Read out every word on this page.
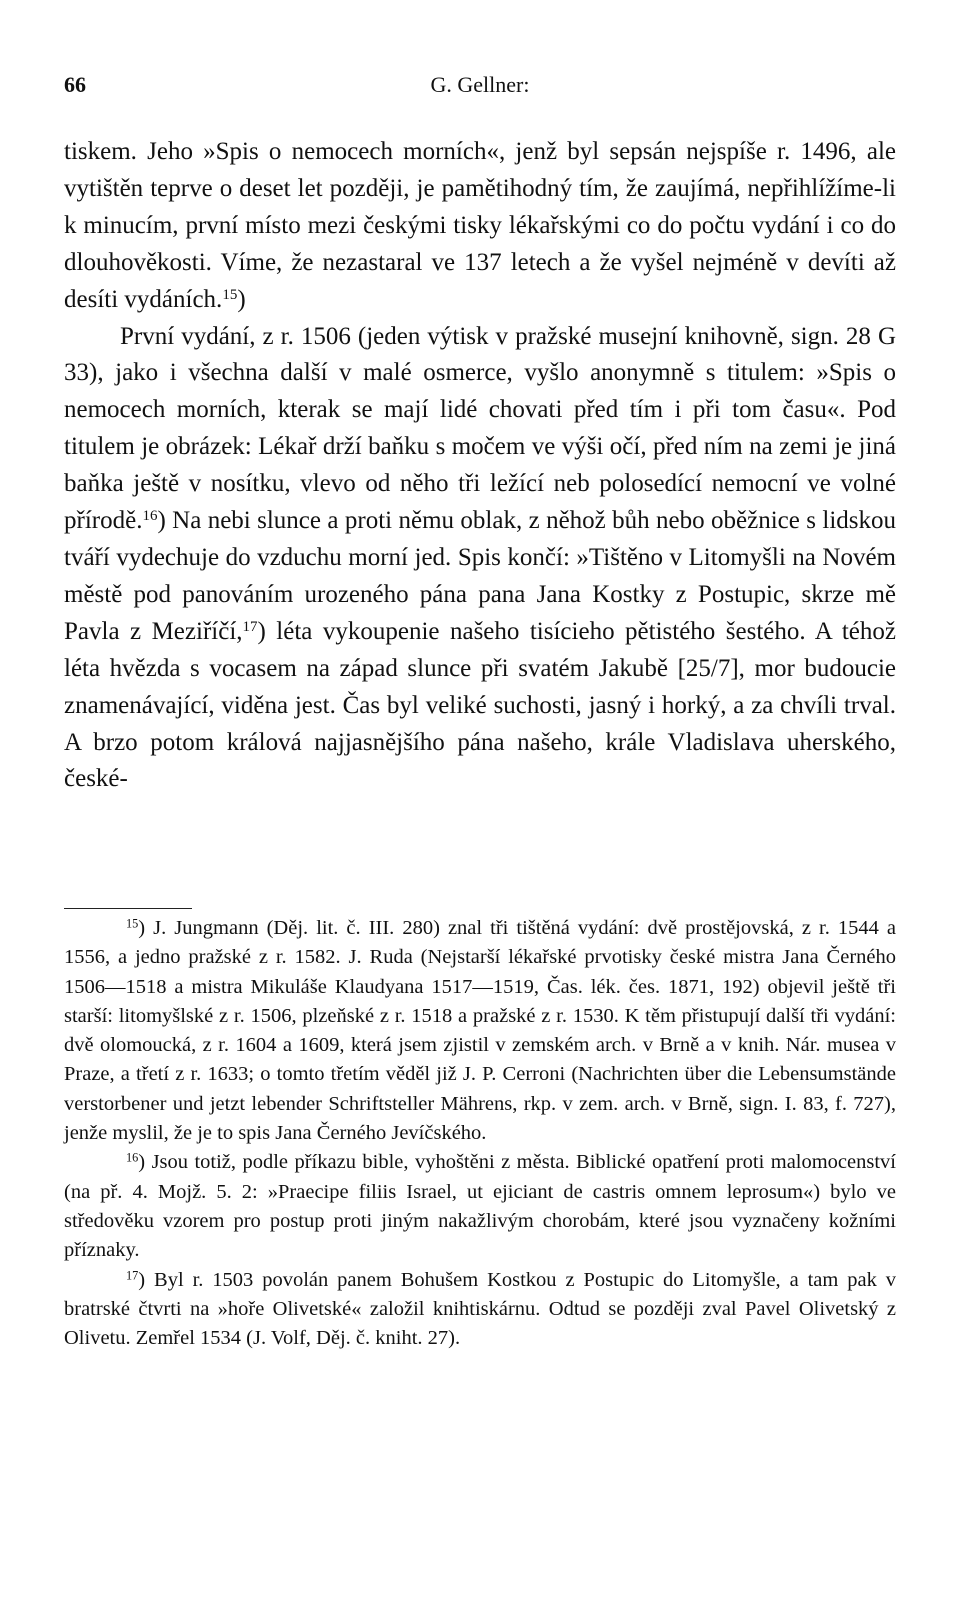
66	G. Gellner:

tiskem. Jeho »Spis o nemocech morních«, jenž byl sepsán nejspíše r. 1496, ale vytištěn teprve o deset let později, je pamětihodný tím, že zaujímá, nepřihlížíme-li k minucím, první místo mezi českými tisky lékařskými co do počtu vydání i co do dlouhověkosti. Víme, že nezastaral ve 137 letech a že vyšel nejméně v devíti až desíti vydáních.$^{15}$)

První vydání, z r. 1506 (jeden výtisk v pražské musejní knihovně, sign. 28 G 33), jako i všechna další v malé osmerce, vyšlo anonymně s titulem: »Spis o nemocech morních, kterak se mají lidé chovati před tím i při tom času«. Pod titulem je obrázek: Lékař drží baňku s močem ve výši očí, před ním na zemi je jiná baňka ještě v nosítku, vlevo od něho tři ležící neb polosedící nemocní ve volné přírodě.$^{16}$) Na nebi slunce a proti němu oblak, z něhož bůh nebo oběžnice s lidskou tváří vydechuje do vzduchu morní jed. Spis končí: »Tištěno v Litomyšli na Novém městě pod panováním urozeného pána pana Jana Kostky z Postupic, skrze mě Pavla z Meziříčí,$^{17}$) léta vykoupenie našeho tisícieho pětistého šestého. A téhož léta hvězda s vocasem na západ slunce při svatém Jakubě [25/7], mor budoucie znamenávající, viděna jest. Čas byl veliké suchosti, jasný i horký, a za chvíli trval. A brzo potom králová najjasnějšího pána našeho, krále Vladislava uherského, české-

$^{15}$) J. Jungmann (Děj. lit. č. III. 280) znal tři tištěná vydání: dvě prostějovská, z r. 1544 a 1556, a jedno pražské z r. 1582. J. Ruda (Nejstarší lékařské prvotisky české mistra Jana Černého 1506—1518 a mistra Mikuláše Klaudyana 1517—1519, Čas. lék. čes. 1871, 192) objevil ještě tři starší: litomyšlské z r. 1506, plzeňské z r. 1518 a pražské z r. 1530. K těm přistupují další tři vydání: dvě olomoucká, z r. 1604 a 1609, která jsem zjistil v zemském arch. v Brně a v knih. Nár. musea v Praze, a třetí z r. 1633; o tomto třetím věděl již J. P. Cerroni (Nachrichten über die Lebensumstände verstorbener und jetzt lebender Schriftsteller Mährens, rkp. v zem. arch. v Brně, sign. I. 83, f. 727), jenže myslil, že je to spis Jana Černého Jevíčského.

$^{16}$) Jsou totiž, podle příkazu bible, vyhoštěni z města. Biblické opatření proti malomocenství (na př. 4. Mojž. 5. 2: »Praecipe filiis Israel, ut ejiciant de castris omnem leprosum«) bylo ve středověku vzorem pro postup proti jiným nakažlivým chorobám, které jsou vyznačeny kožními příznaky.

$^{17}$) Byl r. 1503 povolán panem Bohušem Kostkou z Postupic do Litomyšle, a tam pak v bratrské čtvrti na »hoře Olivetské« založil knihtiskárnu. Odtud se později zval Pavel Olivetský z Olivetu. Zemřel 1534 (J. Volf, Děj. č. kniht. 27).
